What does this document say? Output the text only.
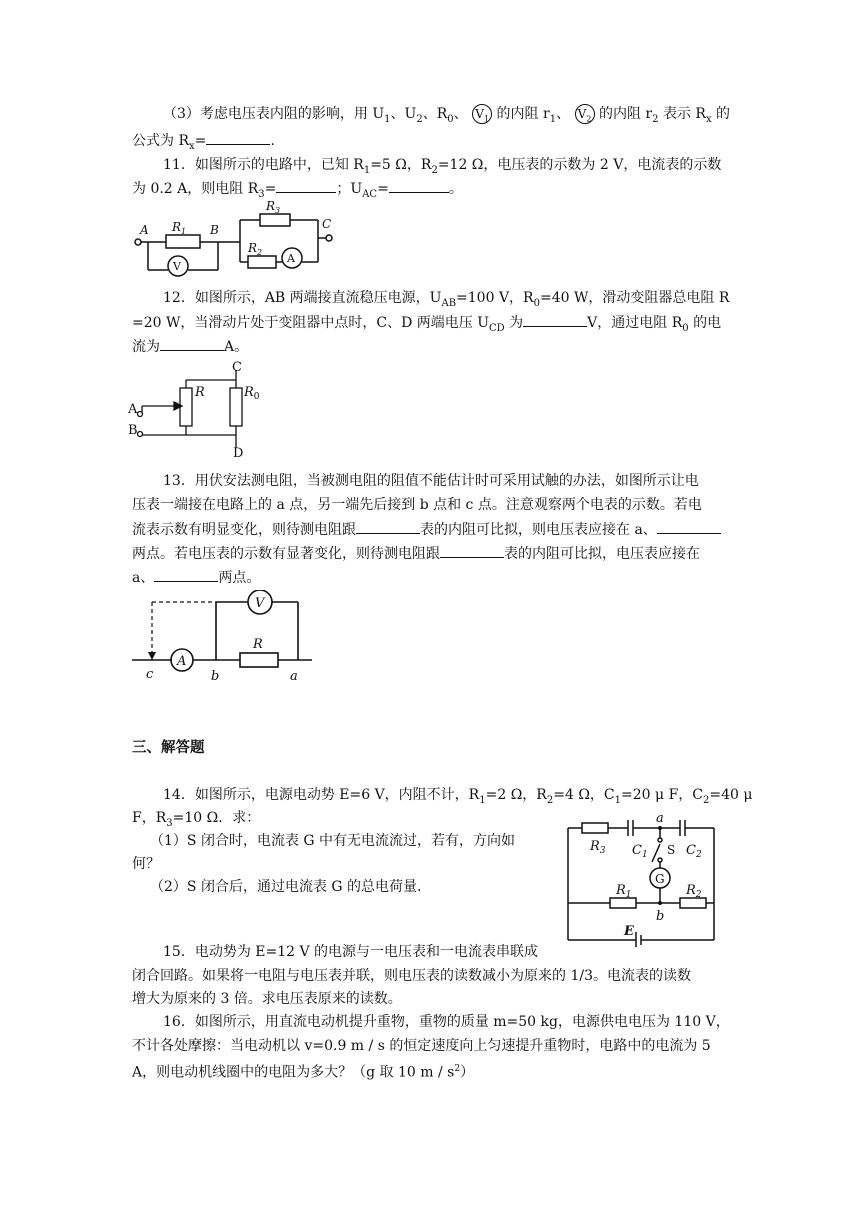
（3）考虑电压表内阻的影响，用 $U_1$、$U_2$、$R_0$、 $V_1$ 的内阻 $r_1$、 $V_2$ 的内阻 $r_2$ 表示 $R_x$ 的
公式为 $R_x=$	.
11．如图所示的电路中，已知 $R_1=5$ Ω，$R_2=12$ Ω，电压表的示数为 2 V，电流表的示数
为 0.2 A，则电阻 $R_3=$	；$U_{AC}=$	。
A $R_1$ B
$R_3$
$R_2$
C
V
A
12．如图所示，AB 两端接直流稳压电源，$U_{AB}=100$ V，$R_0=40$ W，滑动变阻器总电阻 R
=20 W，当滑动片处于变阻器中点时，C、D 两端电压 $U_{CD}$ 为	V，通过电阻 $R_0$ 的电
流为	A。
C
D
A
B
R	$R_0$
13．用伏安法测电阻，当被测电阻的阻值不能估计时可采用试触的办法，如图所示让电
压表一端接在电路上的 a 点，另一端先后接到 b 点和 c 点。注意观察两个电表的示数。若电
流表示数有明显变化，则待测电阻跟	表的内阻可比拟，则电压表应接在 a、
两点。若电压表的示数有显著变化，则待测电阻跟	表的内阻可比拟，电压表应接在
a、	两点。
V
A
R
c	b	a
三、解答题
14．如图所示，电源电动势 E=6 V，内阻不计，$R_1=2$ Ω，$R_2=4$ Ω，$C_1=20$ μ F，$C_2=40$ μ
F，$R_3=10$ Ω．求：
（1）S 闭合时，电流表 G 中有无电流流过，若有，方向如
何？
（2）S 闭合后，通过电流表 G 的总电荷量.
a
$R_3$ $C_1$ S $C_2$
G
$R_1$	$R_2$
b
E
15．电动势为 E=12 V 的电源与一电压表和一电流表串联成
闭合回路。如果将一电阻与电压表并联，则电压表的读数减小为原来的 1/3。电流表的读数
增大为原来的 3 倍。求电压表原来的读数。
16．如图所示，用直流电动机提升重物，重物的质量 m=50 kg，电源供电电压为 110 V，
不计各处摩擦：当电动机以 v=0.9 m / s 的恒定速度向上匀速提升重物时，电路中的电流为 5
A，则电动机线圈中的电阻为多大？（g 取 10 m / $s^2$）
